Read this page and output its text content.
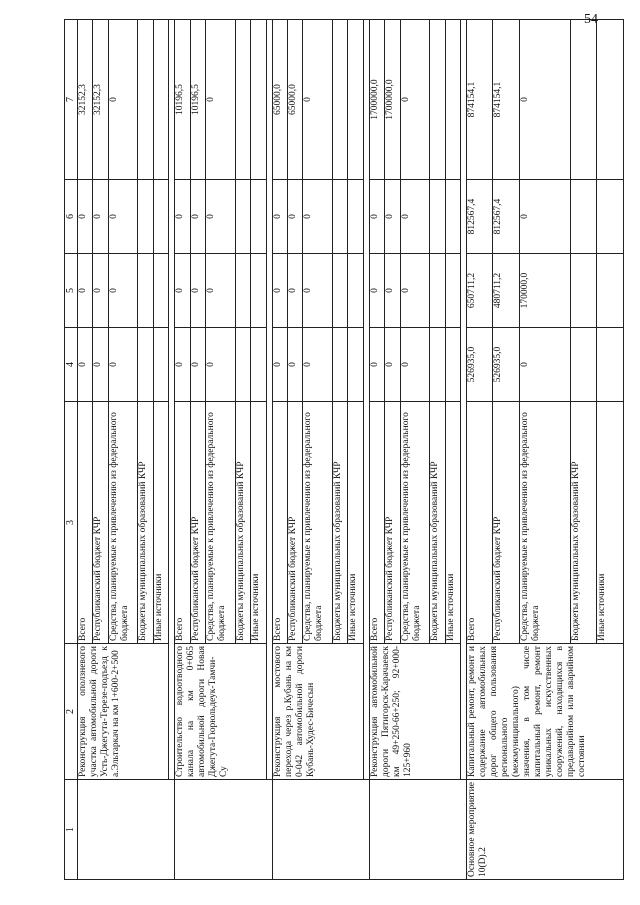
54
1	2	3	4	5	6	7
	Реконструкция оползневого участка автомобильной дороги Усть-Джегута-Терезе-подъезд к а.Эльтаркач на км 1+600-2+500	Всего	0	0	0	32152,3
		Республиканский бюджет КЧР	0	0	0	32152,3
		Средства, планируемые к привлечению из федерального бюджета	0	0	0	0
		Бюджеты муниципальных образований КЧР				
		Иные источники				

	Строительство водоотводного канала на км 0+065 автомобильной дороги Новая Джегута-Гюрюльдеук-Тамчи-Су	Всего	0	0	0	10196,5
		Республиканский бюджет КЧР	0	0	0	10196,5
		Средства, планируемые к привлечению из федерального бюджета	0	0	0	0
		Бюджеты муниципальных образований КЧР				
		Иные источники				

	Реконструкция мостового перехода через р.Кубань на км 0-042 автомобильной дороги Кубань-Худес-Бичесын	Всего	0	0	0	65000,0
		Республиканский бюджет КЧР	0	0	0	65000,0
		Средства, планируемые к привлечению из федерального бюджета	0	0	0	0
		Бюджеты муниципальных образований КЧР				
		Иные источники				

	Реконструкция автомобильной дороги Пятигорск-Карачаевск км 49+250-66+250; 92+000-125+960	Всего	0	0	0	1700000,0
		Республиканский бюджет КЧР	0	0	0	1700000,0
		Средства, планируемые к привлечению из федерального бюджета	0	0	0	0
		Бюджеты муниципальных образований КЧР				
		Иные источники				

Основное мероприятие 10(D).2	Капитальный ремонт, ремонт и содержание автомобильных дорог общего пользования регионального (межмуниципального) значения, в том числе капитальный ремонт, ремонт уникальных искусственных сооружений, находящихся в предаварийном или аварийном состоянии	Всего	526935,0	650711,2	812567,4	874154,1
		Республиканский бюджет КЧР	526935,0	480711,2	812567,4	874154,1
		Средства, планируемые к привлечению из федерального бюджета	0	170000,0	0	0
		Бюджеты муниципальных образований КЧР				
		Иные источники				
